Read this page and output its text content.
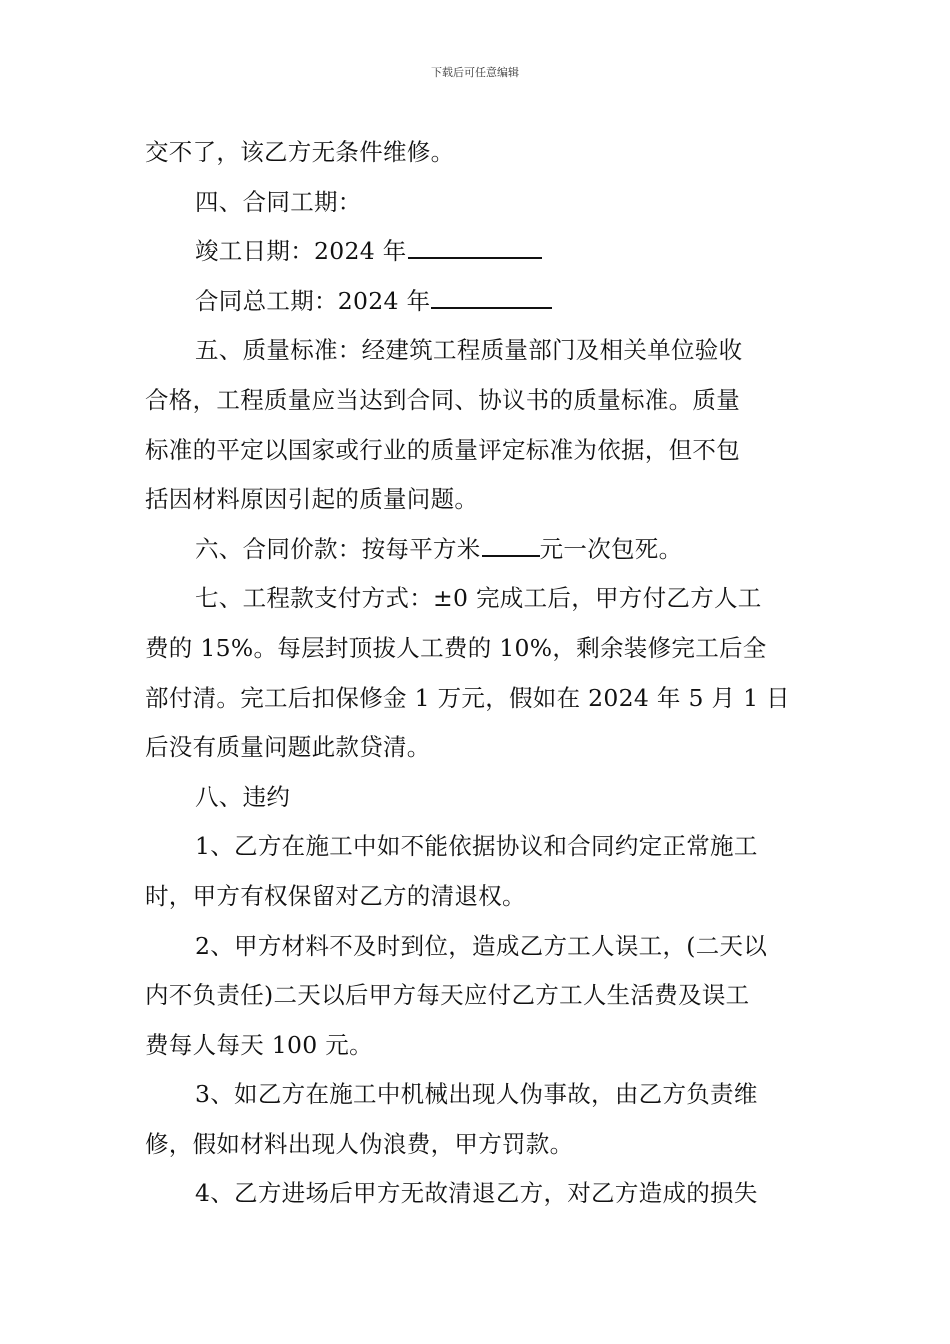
下载后可任意编辑
交不了，该乙方无条件维修。
四、合同工期：
竣工日期：2024 年
合同总工期：2024 年
五、质量标准：经建筑工程质量部门及相关单位验收
合格，工程质量应当达到合同、协议书的质量标准。质量
标准的平定以国家或行业的质量评定标准为依据，但不包
括因材料原因引起的质量问题。
六、合同价款：按每平方米	元一次包死。
七、工程款支付方式：±0 完成工后，甲方付乙方人工
费的 15%。每层封顶拔人工费的 10%，剩余装修完工后全
部付清。完工后扣保修金 1 万元，假如在 2024 年 5 月 1 日
后没有质量问题此款贷清。
八、违约
1、乙方在施工中如不能依据协议和合同约定正常施工
时，甲方有权保留对乙方的清退权。
2、甲方材料不及时到位，造成乙方工人误工，(二天以
内不负责任)二天以后甲方每天应付乙方工人生活费及误工
费每人每天 100 元。
3、如乙方在施工中机械出现人伪事故，由乙方负责维
修，假如材料出现人伪浪费，甲方罚款。
4、乙方进场后甲方无故清退乙方，对乙方造成的损失
